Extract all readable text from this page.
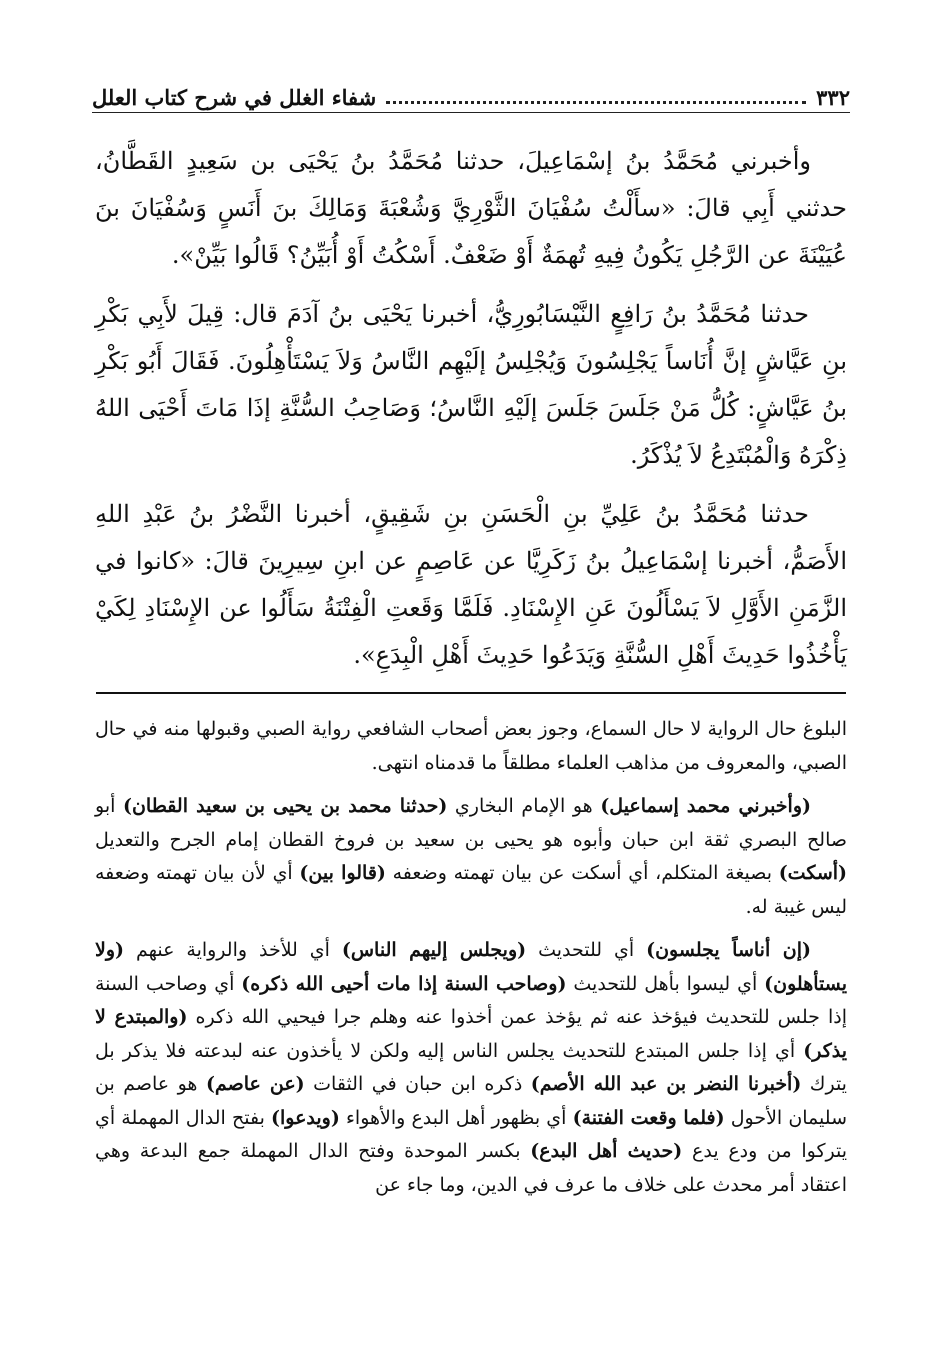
٣٣٢
شفاء الغلل في شرح كتاب العلل

وأخبرني مُحَمَّدُ بنُ إسْمَاعِيلَ، حدثنا مُحَمَّدُ بنُ يَحْيَى بن سَعِيدٍ القَطَّانُ، حدثني أَبِي قالَ: «سأَلْتُ سُفْيَانَ الثَّوْرِيَّ وَشُعْبَةَ وَمَالِكَ بنَ أَنَسٍ وَسُفْيَانَ بنَ عُيَيْنَةَ عن الرَّجُلِ يَكُونُ فِيهِ تُهمَةٌ أَوْ ضَعْفٌ. أَسْكُتُ أَوْ أُبَيِّنُ؟ قَالُوا بَيِّنْ».

حدثنا مُحَمَّدُ بنُ رَافِعٍ النَّيْسَابُورِيُّ، أخبرنا يَحْيَى بنُ آدَمَ قال: قِيلَ لأَبِي بَكْرِ بنِ عَيَّاشٍ إنَّ أُنَاساً يَجْلِسُونَ وَيُجْلِسُ إلَيْهِم النَّاسُ وَلاَ يَسْتَأْهِلُونَ. فَقَالَ أَبُو بَكْرِ بنُ عَيَّاشٍ: كُلُّ مَنْ جَلَسَ جَلَسَ إلَيْهِ النَّاسُ؛ وَصَاحِبُ السُّنَّةِ إذَا مَاتَ أَحْيَى اللهُ ذِكْرَهُ وَالْمُبْتَدِعُ لاَ يُذْكَرُ.

حدثنا مُحَمَّدُ بنُ عَلِيِّ بنِ الْحَسَنِ بنِ شَقِيقٍ، أخبرنا النَّضْرُ بنُ عَبْدِ اللهِ الأَصَمُّ، أخبرنا إسْمَاعِيلُ بنُ زَكَرِيَّا عن عَاصِمٍ عن ابنِ سِيرِينَ قالَ: «كانوا في الزَّمَنِ الأَوَّلِ لاَ يَسْأَلُونَ عَنِ الإِسْنَادِ. فَلَمَّا وَقَعتِ الْفِتْنَةُ سَأَلُوا عن الإِسْنَادِ لِكَيْ يَأْخُذُوا حَدِيثَ أَهْلِ السُّنَّةِ وَيَدَعُوا حَدِيثَ أَهْلِ الْبِدَعِ».

البلوغ حال الرواية لا حال السماع، وجوز بعض أصحاب الشافعي رواية الصبي وقبولها منه في حال الصبي، والمعروف من مذاهب العلماء مطلقاً ما قدمناه انتهى.

(وأخبرني محمد إسماعيل) هو الإمام البخاري (حدثنا محمد بن يحيى بن سعيد القطان) أبو صالح البصري ثقة ابن حبان وأبوه هو يحيى بن سعيد بن فروخ القطان إمام الجرح والتعديل (أسكت) بصيغة المتكلم، أي أسكت عن بيان تهمته وضعفه (قالوا بين) أي لأن بيان تهمته وضعفه ليس غيبة له.

(إن أناساً يجلسون) أي للتحديث (ويجلس إليهم الناس) أي للأخذ والرواية عنهم (ولا يستأهلون) أي ليسوا بأهل للتحديث (وصاحب السنة إذا مات أحيى الله ذكره) أي وصاحب السنة إذا جلس للتحديث فيؤخذ عنه ثم يؤخذ عمن أخذوا عنه وهلم جرا فيحيي الله ذكره (والمبتدع لا يذكر) أي إذا جلس المبتدع للتحديث يجلس الناس إليه ولكن لا يأخذون عنه لبدعته فلا يذكر بل يترك (أخبرنا النضر بن عبد الله الأصم) ذكره ابن حبان في الثقات (عن عاصم) هو عاصم بن سليمان الأحول (فلما وقعت الفتنة) أي بظهور أهل البدع والأهواء (ويدعوا) بفتح الدال المهملة أي يتركوا من ودع يدع (حديث أهل البدع) بكسر الموحدة وفتح الدال المهملة جمع البدعة وهي اعتقاد أمر محدث على خلاف ما عرف في الدين، وما جاء عن
